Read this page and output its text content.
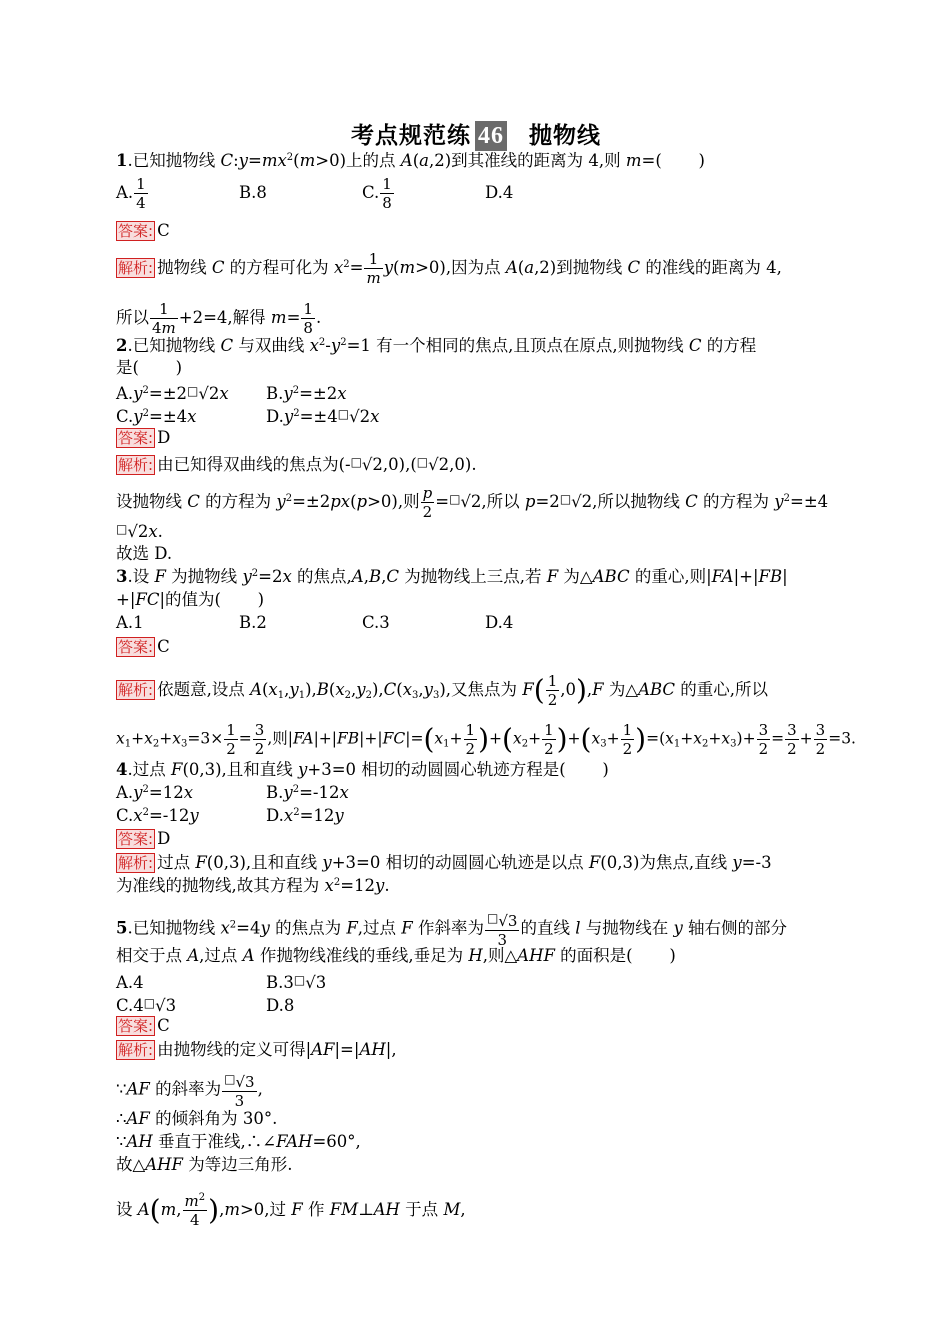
考点规范练 46 抛物线
1.已知抛物线 $C:y=mx^2(m>0)$上的点 A(a,2)到其准线的距离为 4,则 m=(       )
A. $\frac{1}{4}$	B.8	C. $\frac{1}{8}$	D.4
答案: C
解析: 抛物线 C 的方程可化为 $x^2= \frac{1}{m} y(m>0)$,因为点 A(a,2)到抛物线 C 的准线的距离为 4,
所以 $\frac{1}{4m} +2=4$,解得 $m= \frac{1}{8}$ .
2.已知抛物线 C 与双曲线 $x^2-y^2=1$ 有一个相同的焦点,且顶点在原点,则抛物线 C 的方程
是(       )
$A.y^2=\pm 2^□√2x$ $B.y^2=\pm 2x$
$C.y^2=\pm 4x$	$D.y^2=\pm 4^□√2x$
答案: D
解析: 由已知得双曲线的焦点为(-□√2,0),(□√2,0).
设抛物线 C 的方程为 $y^2=\pm 2px(p>0)$,则 $\frac{p}{2} =^□√2$,所以 p=2□√2,所以抛物线 C 的方程为 $y^2=\pm 4$
□√2x.
故选 D.
3.设 F 为抛物线 $y^2=2x$ 的焦点,A,B,C 为抛物线上三点,若 F 为△ABC 的重心,则|FA|+|FB|
+|FC|的值为(       )
A.1	B.2	C.3	D.4
答案: C
解析: 依题意,设点 $A(x_1,y_1),B(x_2,y_2),C(x_3,y_3)$,又焦点为 $F( \frac{1}{2} ,0),F$ 为△ABC 的重心,所以
$x_1+x_2+x_3=3\times \frac{1}{2} = \frac{3}{2}$ ,则$|FA|+|FB|+|FC|=(x_1+ \frac{1}{2} )+(x_2+ \frac{1}{2} )+(x_3+ \frac{1}{2} )=(x_1+x_2+x_3)+ \frac{3}{2} = \frac{3}{2} + \frac{3}{2} =3$.
4.过点 F(0,3),且和直线 y+3=0 相切的动圆圆心轨迹方程是(       )
$A.y^2=12x$	$B.y^2=-12x$
$C.x^2=-12y$	$D.x^2=12y$
答案: D
解析: 过点 F(0,3),且和直线 y+3=0 相切的动圆圆心轨迹是以点 F(0,3)为焦点,直线 y=-3
为准线的抛物线,故其方程为 $x^2=12y$.
5.已知抛物线 $x^2=4y$ 的焦点为 F,过点 F 作斜率为 $\frac{^□√3}{3}$ 的直线 l 与抛物线在 y 轴右侧的部分
相交于点 A,过点 A 作抛物线准线的垂线,垂足为 H,则△AHF 的面积是(       )
A.4	B.3□√3
C.4□√3	D.8
答案: C
解析: 由抛物线的定义可得|AF|=|AH|,
∵AF 的斜率为 $\frac{^□√3}{3}$ ,
∴AF 的倾斜角为 30°.
∵AH 垂直于准线,∴∠FAH=60°,
故△AHF 为等边三角形.
设 A(m, $\frac{m^2}{4} ),m>0$,过 F 作 FM⊥AH 于点 M,
